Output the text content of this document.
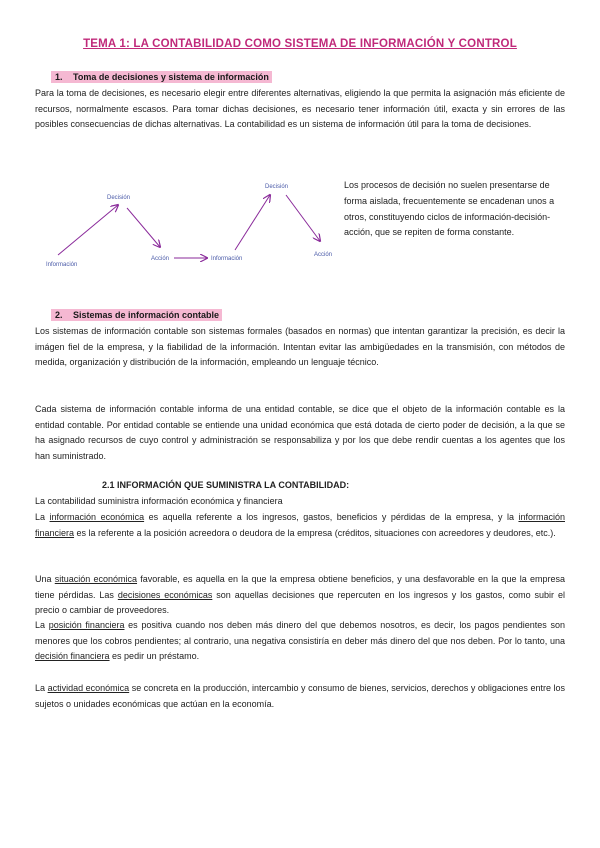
TEMA 1: LA CONTABILIDAD COMO SISTEMA DE INFORMACIÓN Y CONTROL
1. Toma de decisiones y sistema de información
Para la toma de decisiones, es necesario elegir entre diferentes alternativas, eligiendo la que permita la asignación más eficiente de recursos, normalmente escasos. Para tomar dichas decisiones, es necesario tener información útil, exacta y sin errores de las posibles consecuencias de dichas alternativas. La contabilidad es un sistema de información útil para la toma de decisiones.
Información
Decisión
Acción	Información
Decisión
Acción
Los procesos de decisión no suelen presentarse de forma aislada, frecuentemente se encadenan unos a otros, constituyendo ciclos de información-decisión-acción, que se repiten de forma constante.
2. Sistemas de información contable
Los sistemas de información contable son sistemas formales (basados en normas) que intentan garantizar la precisión, es decir la imágen fiel de la empresa, y la fiabilidad de la información. Intentan evitar las ambigüedades en la transmisión, con métodos de medida, organización y distribución de la información, empleando un lenguaje técnico.
Cada sistema de información contable informa de una entidad contable, se dice que el objeto de la información contable es la entidad contable. Por entidad contable se entiende una unidad económica que está dotada de cierto poder de decisión, a la que se ha asignado recursos de cuyo control y administración se responsabiliza y por los que debe rendir cuentas a los agentes que los han suministrado.
2.1 INFORMACIÓN QUE SUMINISTRA LA CONTABILIDAD:
La contabilidad suministra información económica y financiera
La información económica es aquella referente a los ingresos, gastos, beneficios y pérdidas de la empresa, y la información financiera es la referente a la posición acreedora o deudora de la empresa (créditos, situaciones con acreedores y deudores, etc.).
Una situación económica favorable, es aquella en la que la empresa obtiene beneficios, y una desfavorable en la que la empresa tiene pérdidas. Las decisiones económicas son aquellas decisiones que repercuten en los ingresos y los gastos, como subir el precio o cambiar de proveedores.
La posición financiera es positiva cuando nos deben más dinero del que debemos nosotros, es decir, los pagos pendientes son menores que los cobros pendientes; al contrario, una negativa consistiría en deber más dinero del que nos deben. Por lo tanto, una decisión financiera es pedir un préstamo.
La actividad económica se concreta en la producción, intercambio y consumo de bienes, servicios, derechos y obligaciones entre los sujetos o unidades económicas que actúan en la economía.
